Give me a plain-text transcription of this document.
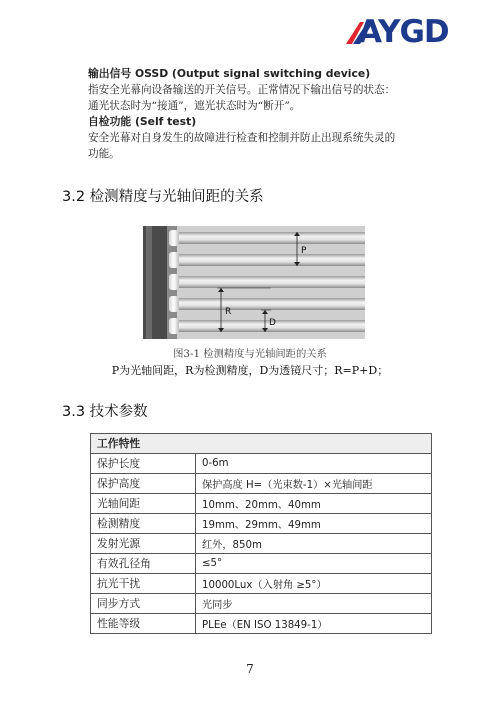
AYGD
输出信号 OSSD (Output signal switching device)
指安全光幕向设备输送的开关信号。正常情况下输出信号的状态：
通光状态时为“接通”，遮光状态时为“断开”。
自检功能 (Self test)
安全光幕对自身发生的故障进行检查和控制并防止出现系统失灵的
功能。
3.2 检测精度与光轴间距的关系
P
R
D
图3-1 检测精度与光轴间距的关系
P为光轴间距，R为检测精度，D为透镜尺寸；R=P+D；
3.3 技术参数
工作特性	
保护长度	0-6m
保护高度	保护高度 H=（光束数-1）×光轴间距
光轴间距	10mm、20mm、40mm
检测精度	19mm、29mm、49mm
发射光源	红外，850m
有效孔径角	≤5°
抗光干扰	10000Lux（入射角 ≥5°）
同步方式	光同步
性能等级	PLEe（EN ISO 13849-1）
7
